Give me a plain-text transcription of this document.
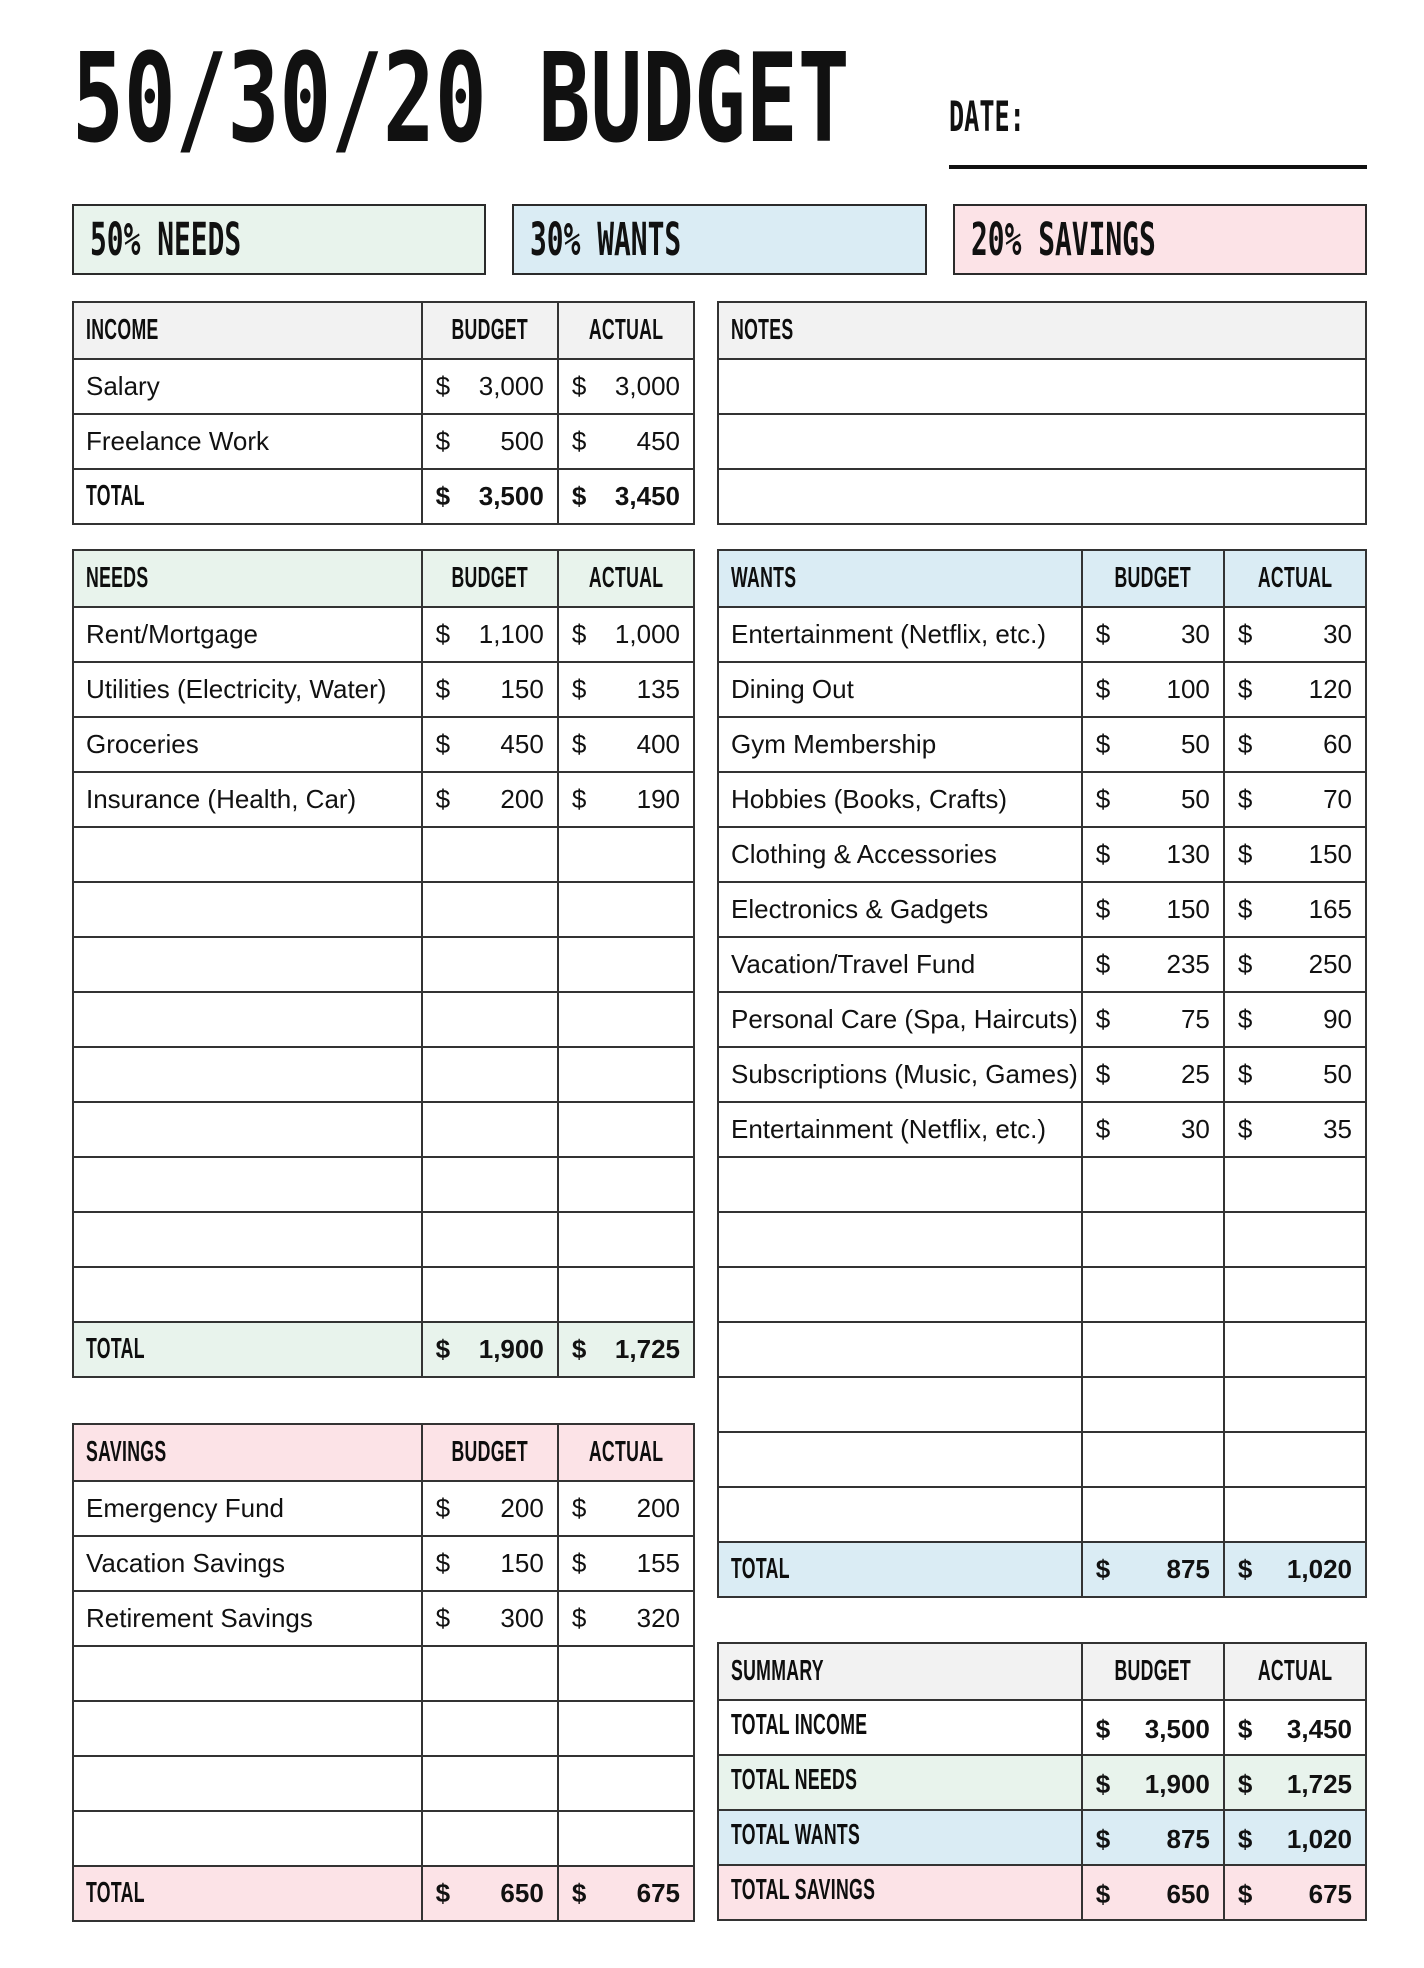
50/30/20 BUDGET	DATE:
50% NEEDS	30% WANTS	20% SAVINGS
INCOME	BUDGET ACTUAL
Salary	$ 3,000 $ 3,000
Freelance Work	$ 500 $ 450
TOTAL	$ 3,500 $ 3,450
NEEDS	BUDGET ACTUAL
Rent/Mortgage	$ 1,100 $ 1,000
Utilities (Electricity, Water) $ 150 $ 135
Groceries	$ 450 $ 400
Insurance (Health, Car)	$ 200 $ 190
TOTAL	$ 1,900 $ 1,725
SAVINGS	BUDGET ACTUAL
Emergency Fund	$ 200 $ 200
Vacation Savings	$ 150 $ 155
Retirement Savings	$ 300 $ 320
TOTAL	$ 650 $ 675
NOTES
WANTS	BUDGET ACTUAL
Entertainment (Netflix, etc.) $	30 $	30
Dining Out	$ 100 $ 120
Gym Membership	$	50 $	60
Hobbies (Books, Crafts)	$	50 $	70
Clothing & Accessories	$ 130 $ 150
Electronics & Gadgets	$ 150 $ 165
Vacation/Travel Fund	$ 235 $ 250
Personal Care (Spa, Haircuts) $	75 $	90
Subscriptions (Music, Games) $	25 $	50
Entertainment (Netflix, etc.) $	30 $	35
TOTAL	$ 875 $ 1,020
SUMMARY	BUDGET ACTUAL
TOTAL INCOME	$ 3,500 $ 3,450
TOTAL NEEDS	$ 1,900 $ 1,725
TOTAL WANTS	$ 875 $ 1,020
TOTAL SAVINGS	$ 650 $ 675
